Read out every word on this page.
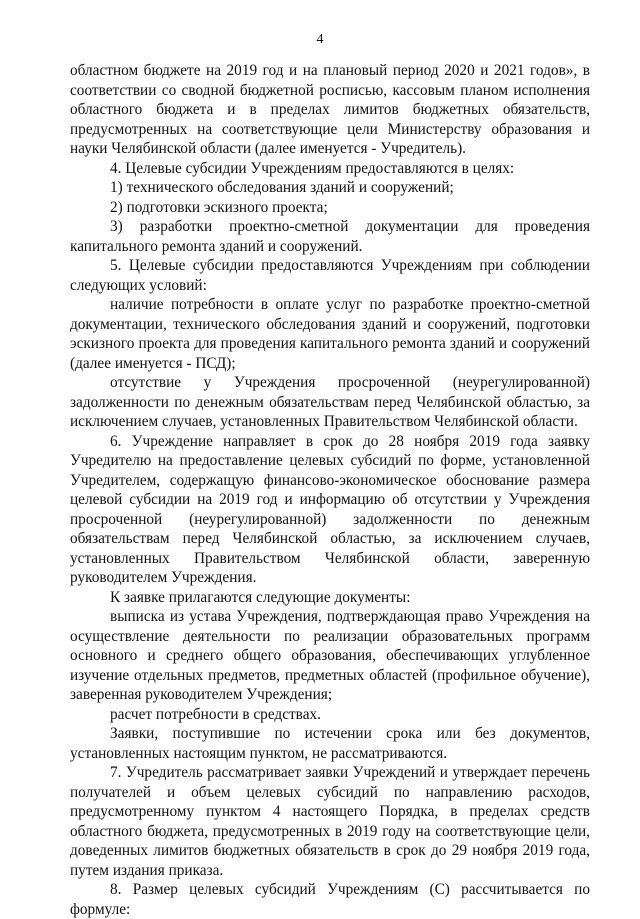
4
областном бюджете на 2019 год и на плановый период 2020 и 2021 годов», в
соответствии со сводной бюджетной росписью, кассовым планом исполнения
областного бюджета и в пределах лимитов бюджетных обязательств,
предусмотренных на соответствующие цели Министерству образования и
науки Челябинской области (далее именуется - Учредитель).
4. Целевые субсидии Учреждениям предоставляются в целях:
1) технического обследования зданий и сооружений;
2) подготовки эскизного проекта;
3) разработки проектно-сметной документации для проведения
капитального ремонта зданий и сооружений.
5. Целевые субсидии предоставляются Учреждениям при соблюдении
следующих условий:
наличие потребности в оплате услуг по разработке проектно-сметной
документации, технического обследования зданий и сооружений, подготовки
эскизного проекта для проведения капитального ремонта зданий и сооружений
(далее именуется - ПСД);
отсутствие у Учреждения просроченной (неурегулированной)
задолженности по денежным обязательствам перед Челябинской областью, за
исключением случаев, установленных Правительством Челябинской области.
6. Учреждение направляет в срок до 28 ноября 2019 года заявку
Учредителю на предоставление целевых субсидий по форме, установленной
Учредителем, содержащую финансово-экономическое обоснование размера
целевой субсидии на 2019 год и информацию об отсутствии у Учреждения
просроченной (неурегулированной) задолженности по денежным
обязательствам перед Челябинской областью, за исключением случаев,
установленных Правительством Челябинской области, заверенную
руководителем Учреждения.
К заявке прилагаются следующие документы:
выписка из устава Учреждения, подтверждающая право Учреждения на
осуществление деятельности по реализации образовательных программ
основного и среднего общего образования, обеспечивающих углубленное
изучение отдельных предметов, предметных областей (профильное обучение),
заверенная руководителем Учреждения;
расчет потребности в средствах.
Заявки, поступившие по истечении срока или без документов,
установленных настоящим пунктом, не рассматриваются.
7. Учредитель рассматривает заявки Учреждений и утверждает перечень
получателей и объем целевых субсидий по направлению расходов,
предусмотренному пунктом 4 настоящего Порядка, в пределах средств
областного бюджета, предусмотренных в 2019 году на соответствующие цели,
доведенных лимитов бюджетных обязательств в срок до 29 ноября 2019 года,
путем издания приказа.
8. Размер целевых субсидий Учреждениям (С) рассчитывается по
формуле:
